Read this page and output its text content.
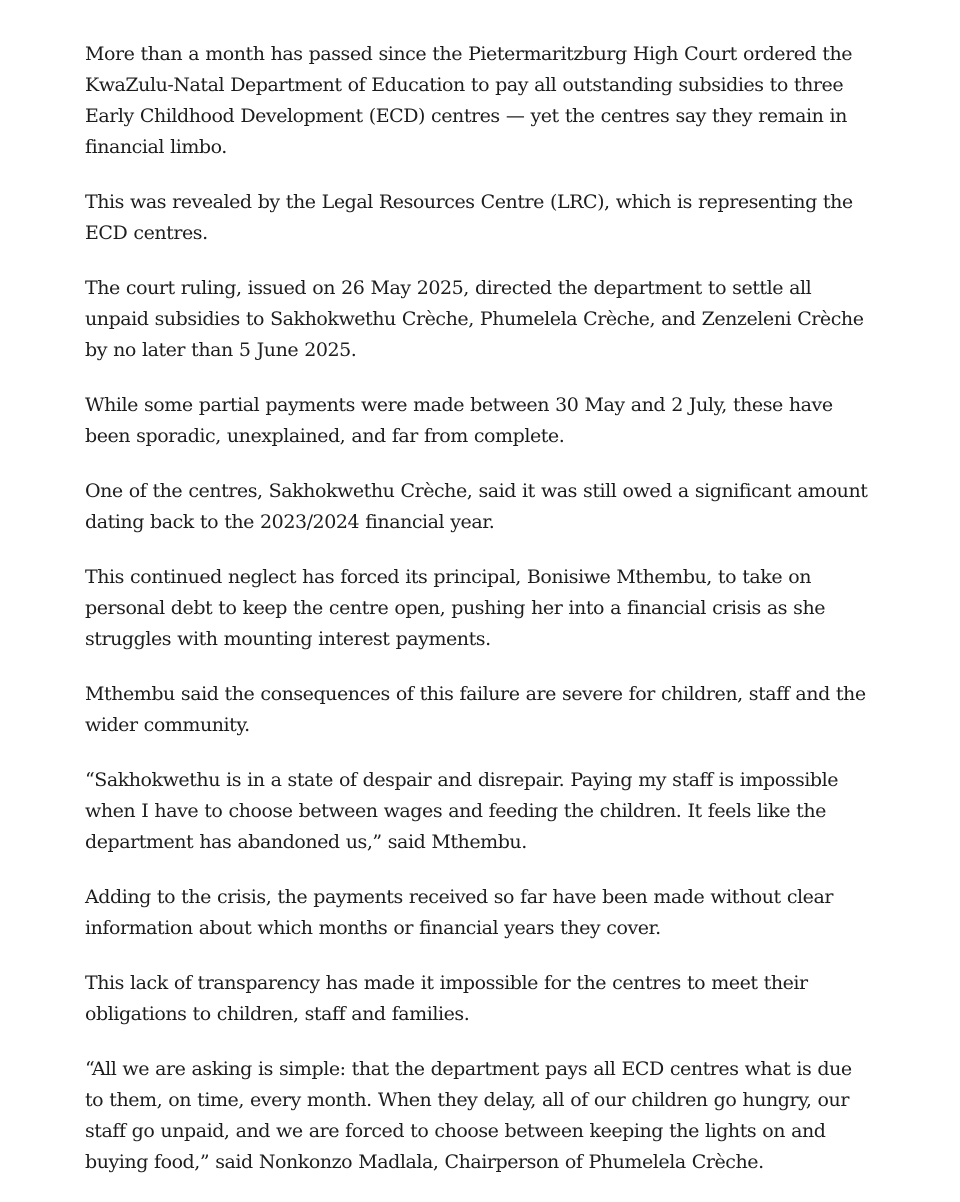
More than a month has passed since the Pietermaritzburg High Court ordered the KwaZulu-Natal Department of Education to pay all outstanding subsidies to three Early Childhood Development (ECD) centres — yet the centres say they remain in financial limbo.

This was revealed by the Legal Resources Centre (LRC), which is representing the ECD centres.

The court ruling, issued on 26 May 2025, directed the department to settle all unpaid subsidies to Sakhokwethu Crèche, Phumelela Crèche, and Zenzeleni Crèche by no later than 5 June 2025.

While some partial payments were made between 30 May and 2 July, these have been sporadic, unexplained, and far from complete.

One of the centres, Sakhokwethu Crèche, said it was still owed a significant amount dating back to the 2023/2024 financial year.

This continued neglect has forced its principal, Bonisiwe Mthembu, to take on personal debt to keep the centre open, pushing her into a financial crisis as she struggles with mounting interest payments.

Mthembu said the consequences of this failure are severe for children, staff and the wider community.

“Sakhokwethu is in a state of despair and disrepair. Paying my staff is impossible when I have to choose between wages and feeding the children. It feels like the department has abandoned us,” said Mthembu.

Adding to the crisis, the payments received so far have been made without clear information about which months or financial years they cover.

This lack of transparency has made it impossible for the centres to meet their obligations to children, staff and families.

“All we are asking is simple: that the department pays all ECD centres what is due to them, on time, every month. When they delay, all of our children go hungry, our staff go unpaid, and we are forced to choose between keeping the lights on and buying food,” said Nonkonzo Madlala, Chairperson of Phumelela Crèche.
